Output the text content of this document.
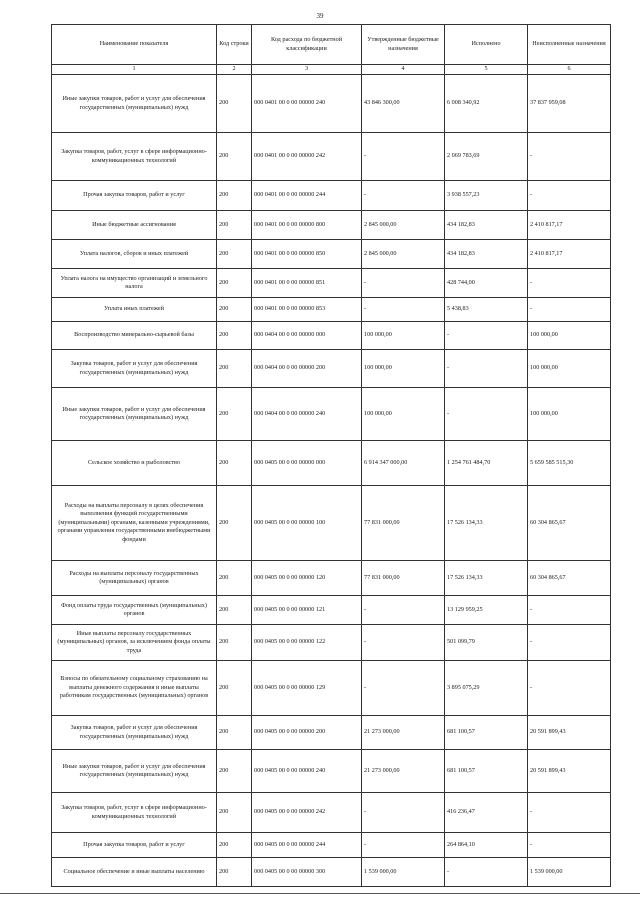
39
Наименование показателя	Код строки	Код расхода по бюджетной классификации	Утвержденные бюджетные назначения	Исполнено	Неисполненные назначения
1	2	3	4	5	6
Иные закупки товаров, работ и услуг для обеспечения государственных (муниципальных) нужд	200	000 0401 00 0 00 00000 240	43 846 300,00	6 008 340,92	37 837 959,08
Закупка товаров, работ, услуг в сфере информационно-коммуникационных технологий	200	000 0401 00 0 00 00000 242	-	2 069 783,69	-
Прочая закупка товаров, работ и услуг	200	000 0401 00 0 00 00000 244	-	3 938 557,23	-
Иные бюджетные ассигнования	200	000 0401 00 0 00 00000 800	2 845 000,00	434 182,83	2 410 817,17
Уплата налогов, сборов и иных платежей	200	000 0401 00 0 00 00000 850	2 845 000,00	434 182,83	2 410 817,17
Уплата налога на имущество организаций и земельного налога	200	000 0401 00 0 00 00000 851	-	428 744,00	-
Уплата иных платежей	200	000 0401 00 0 00 00000 853	-	5 438,83	-
Воспроизводство минерально-сырьевой базы	200	000 0404 00 0 00 00000 000	100 000,00	-	100 000,00
Закупка товаров, работ и услуг для обеспечения государственных (муниципальных) нужд	200	000 0404 00 0 00 00000 200	100 000,00	-	100 000,00
Иные закупки товаров, работ и услуг для обеспечения государственных (муниципальных) нужд	200	000 0404 00 0 00 00000 240	100 000,00	-	100 000,00
Сельское хозяйство и рыболовство	200	000 0405 00 0 00 00000 000	6 914 347 000,00	1 254 761 484,70	5 659 585 515,30
Расходы на выплаты персоналу в целях обеспечения выполнения функций государственными (муниципальными) органами, казенными учреждениями, органами управления государственными внебюджетными фондами	200	000 0405 00 0 00 00000 100	77 831 000,00	17 526 134,33	60 304 865,67
Расходы на выплаты персоналу государственных (муниципальных) органов	200	000 0405 00 0 00 00000 120	77 831 000,00	17 526 134,33	60 304 865,67
Фонд оплаты труда государственных (муниципальных) органов	200	000 0405 00 0 00 00000 121	-	13 129 959,25	-
Иные выплаты персоналу государственных (муниципальных) органов, за исключением фонда оплаты труда	200	000 0405 00 0 00 00000 122	-	501 099,79	-
Взносы по обязательному социальному страхованию на выплаты денежного содержания и иные выплаты работникам государственных (муниципальных) органов	200	000 0405 00 0 00 00000 129	-	3 895 075,29	-
Закупка товаров, работ и услуг для обеспечения государственных (муниципальных) нужд	200	000 0405 00 0 00 00000 200	21 273 000,00	681 100,57	20 591 899,43
Иные закупки товаров, работ и услуг для обеспечения государственных (муниципальных) нужд	200	000 0405 00 0 00 00000 240	21 273 000,00	681 100,57	20 591 899,43
Закупка товаров, работ, услуг в сфере информационно-коммуникационных технологий	200	000 0405 00 0 00 00000 242	-	416 236,47	-
Прочая закупка товаров, работ и услуг	200	000 0405 00 0 00 00000 244	-	264 864,10	-
Социальное обеспечение и иные выплаты населению	200	000 0405 00 0 00 00000 300	1 539 000,00	-	1 539 000,00
